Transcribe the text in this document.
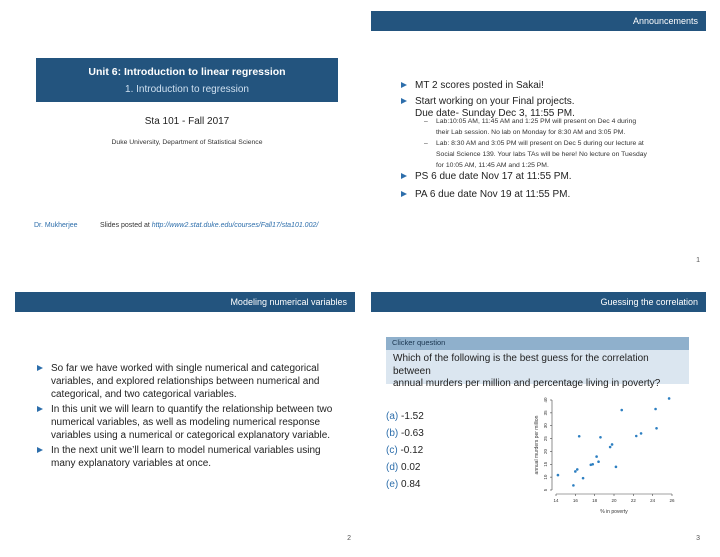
Unit 6: Introduction to linear regression
1. Introduction to regression
Sta 101 - Fall 2017
Duke University, Department of Statistical Science
Dr. Mukherjee	Slides posted at http://www2.stat.duke.edu/courses/Fall17/sta101.002/
Announcements
MT 2 scores posted in Sakai!
Start working on your Final projects.
Due date- Sunday Dec 3, 11:55 PM.
– Lab:10:05 AM, 11:45 AM and 1:25 PM will present on Dec 4 during
their Lab session. No lab on Monday for 8:30 AM and 3:05 PM.
– Lab: 8:30 AM and 3:05 PM will present on Dec 5 during our lecture at
Social Science 139. Your labs TAs will be here! No lecture on Tuesday
for 10:05 AM, 11:45 AM and 1:25 PM.
PS 6 due date Nov 17 at 11:55 PM.
PA 6 due date Nov 19 at 11:55 PM.
1
Modeling numerical variables
So far we have worked with single numerical and categorical
variables, and explored relationships between numerical and
categorical, and two categorical variables.
In this unit we will learn to quantify the relationship between two
numerical variables, as well as modeling numerical response
variables using a numerical or categorical explanatory variable.
In the next unit we’ll learn to model numerical variables using
many explanatory variables at once.
2
Guessing the correlation
3
Clicker question
Which of the following is the best guess for the correlation between
annual murders per million and percentage living in poverty?
(a) -1.52
(b) -0.63
(c) -0.12
(d) 0.02
(e) 0.84	5
10
15
20
25
30
35
40
14	16	18	20	22	24	26
% in poverty
annual murders per million
